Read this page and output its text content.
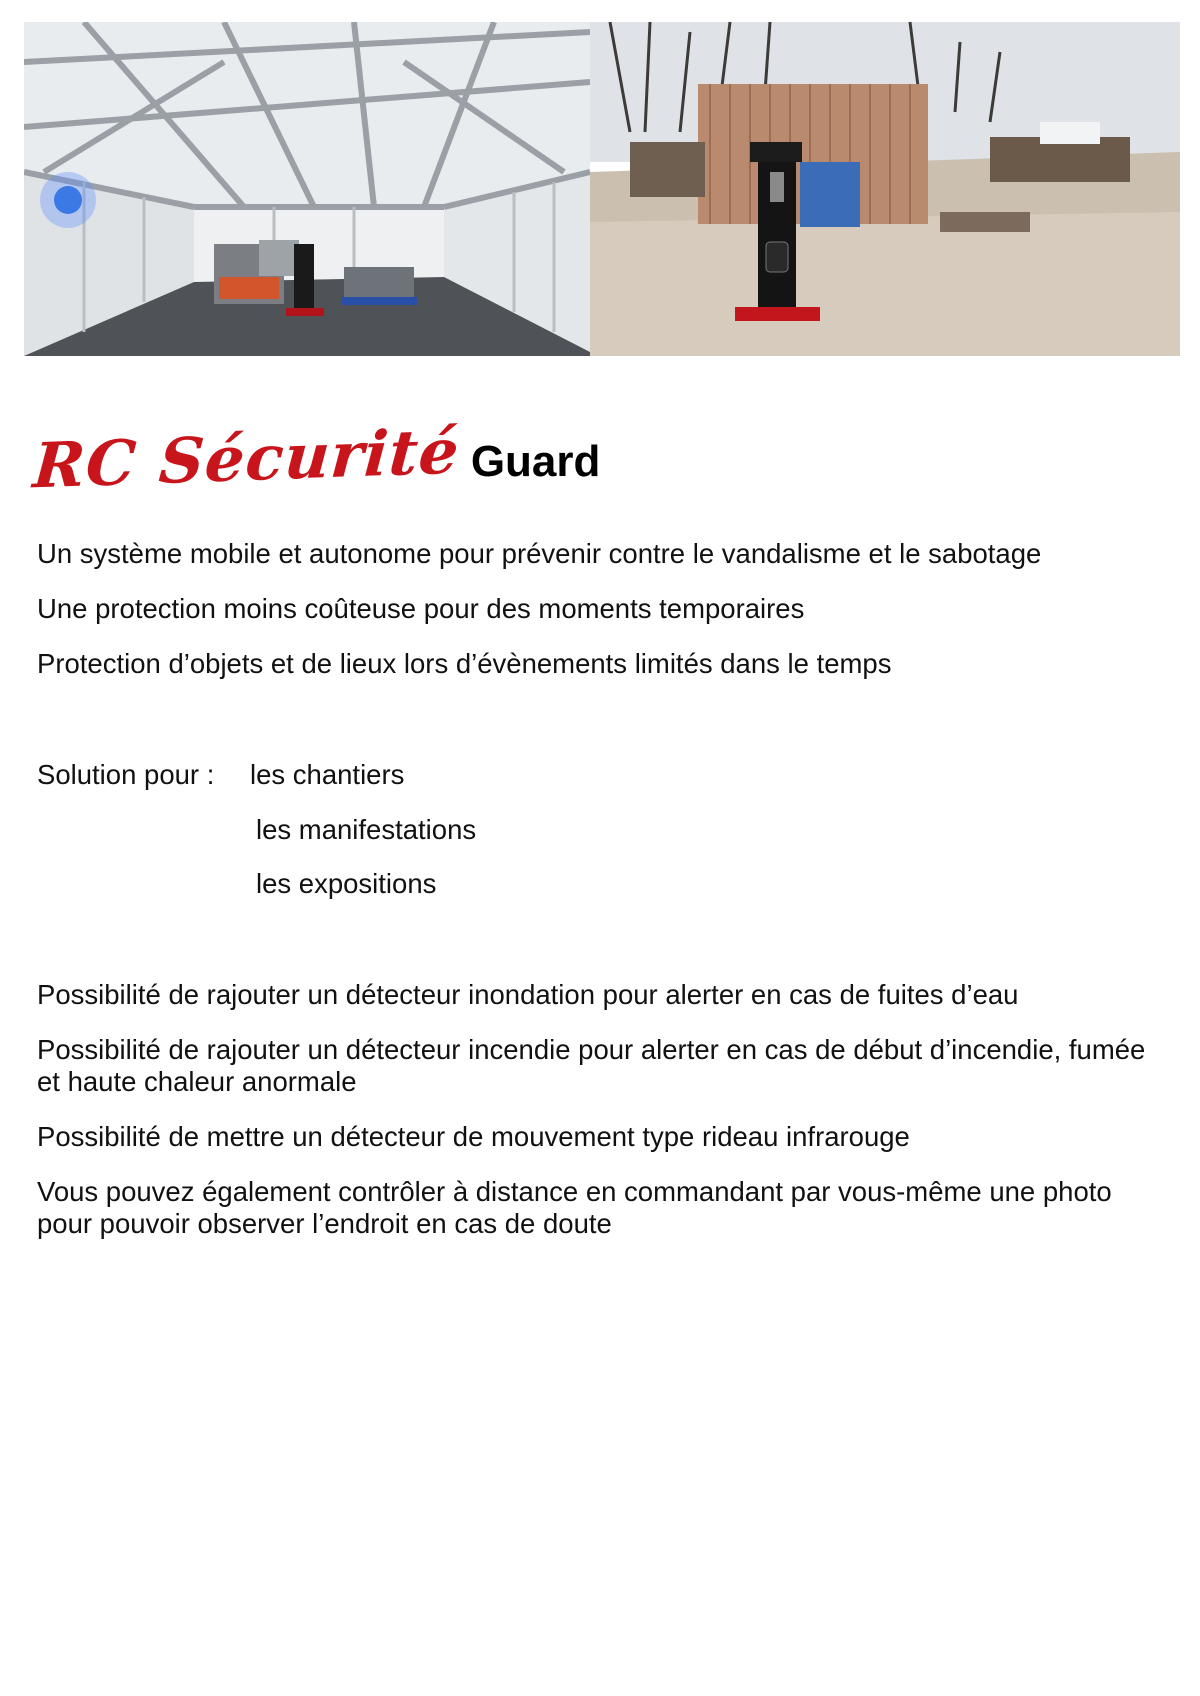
RC Sécurité Guard
Un système mobile et autonome pour prévenir contre le vandalisme et le sabotage
Une protection moins coûteuse pour des moments temporaires
Protection d’objets et de lieux lors d’évènements limités dans le temps
Solution pour :	les chantiers
les manifestations
les expositions
Possibilité de rajouter un détecteur inondation pour alerter en cas de fuites d’eau
Possibilité de rajouter un détecteur incendie pour alerter en cas de début d’incendie, fumée et haute chaleur anormale
Possibilité de mettre un détecteur de mouvement type rideau infrarouge
Vous pouvez également contrôler à distance en commandant par vous-même une photo pour pouvoir observer l’endroit en cas de doute
